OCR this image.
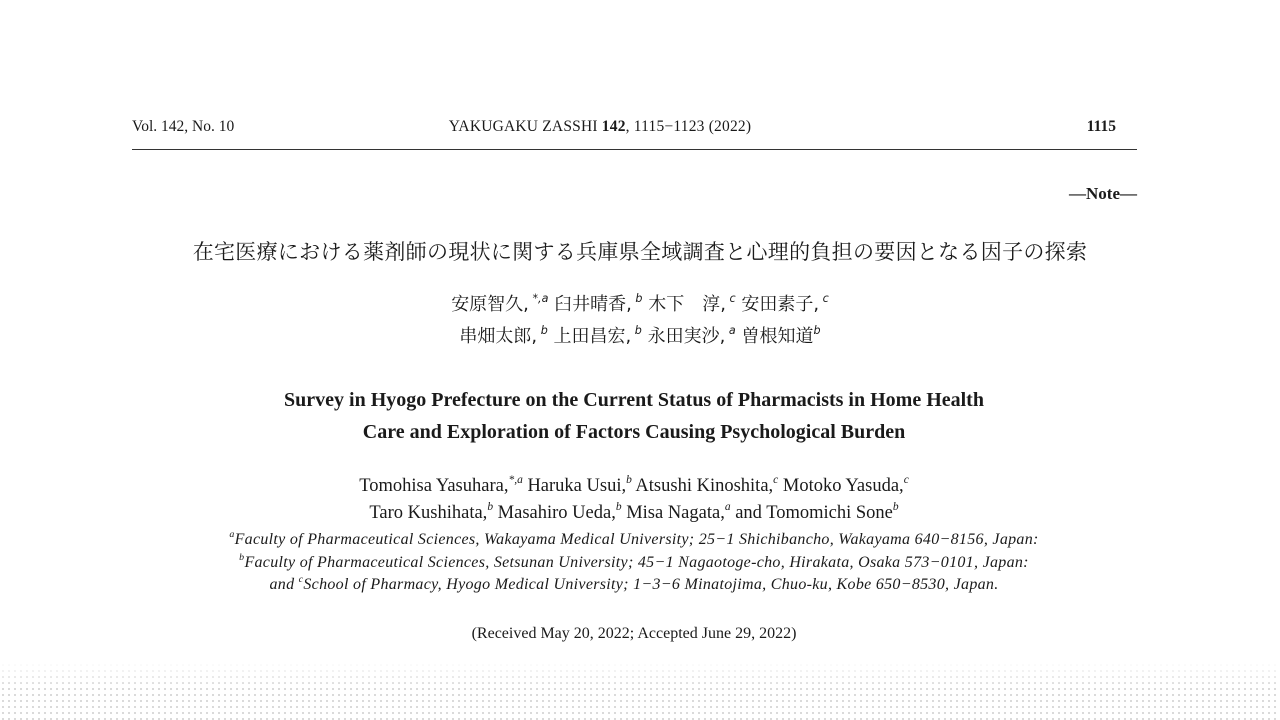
Vol. 142, No. 10	YAKUGAKU ZASSHI 142, 1115−1123 (2022)	1115
—Note—
在宅医療における薬剤師の現状に関する兵庫県全域調査と心理的負担の要因となる因子の探索
安原智久, $^{*,a}$ 臼井晴香, $^b$ 木下　淳, $^c$ 安田素子, $^c$
串畑太郎, $^b$ 上田昌宏, $^b$ 永田実沙, $^a$ 曽根知道$^b$
Survey in Hyogo Prefecture on the Current Status of Pharmacists in Home Health
Care and Exploration of Factors Causing Psychological Burden
Tomohisa Yasuhara,$^{*,a}$ Haruka Usui,$^b$ Atsushi Kinoshita,$^c$ Motoko Yasuda,$^c$
Taro Kushihata,$^b$ Masahiro Ueda,$^b$ Misa Nagata,$^a$ and Tomomichi Sone$^b$
$^a$Faculty of Pharmaceutical Sciences, Wakayama Medical University; 25−1 Shichibancho, Wakayama 640−8156, Japan:
$^b$Faculty of Pharmaceutical Sciences, Setsunan University; 45−1 Nagaotoge-cho, Hirakata, Osaka 573−0101, Japan:
and $^c$School of Pharmacy, Hyogo Medical University; 1−3−6 Minatojima, Chuo-ku, Kobe 650−8530, Japan.
(Received May 20, 2022; Accepted June 29, 2022)
